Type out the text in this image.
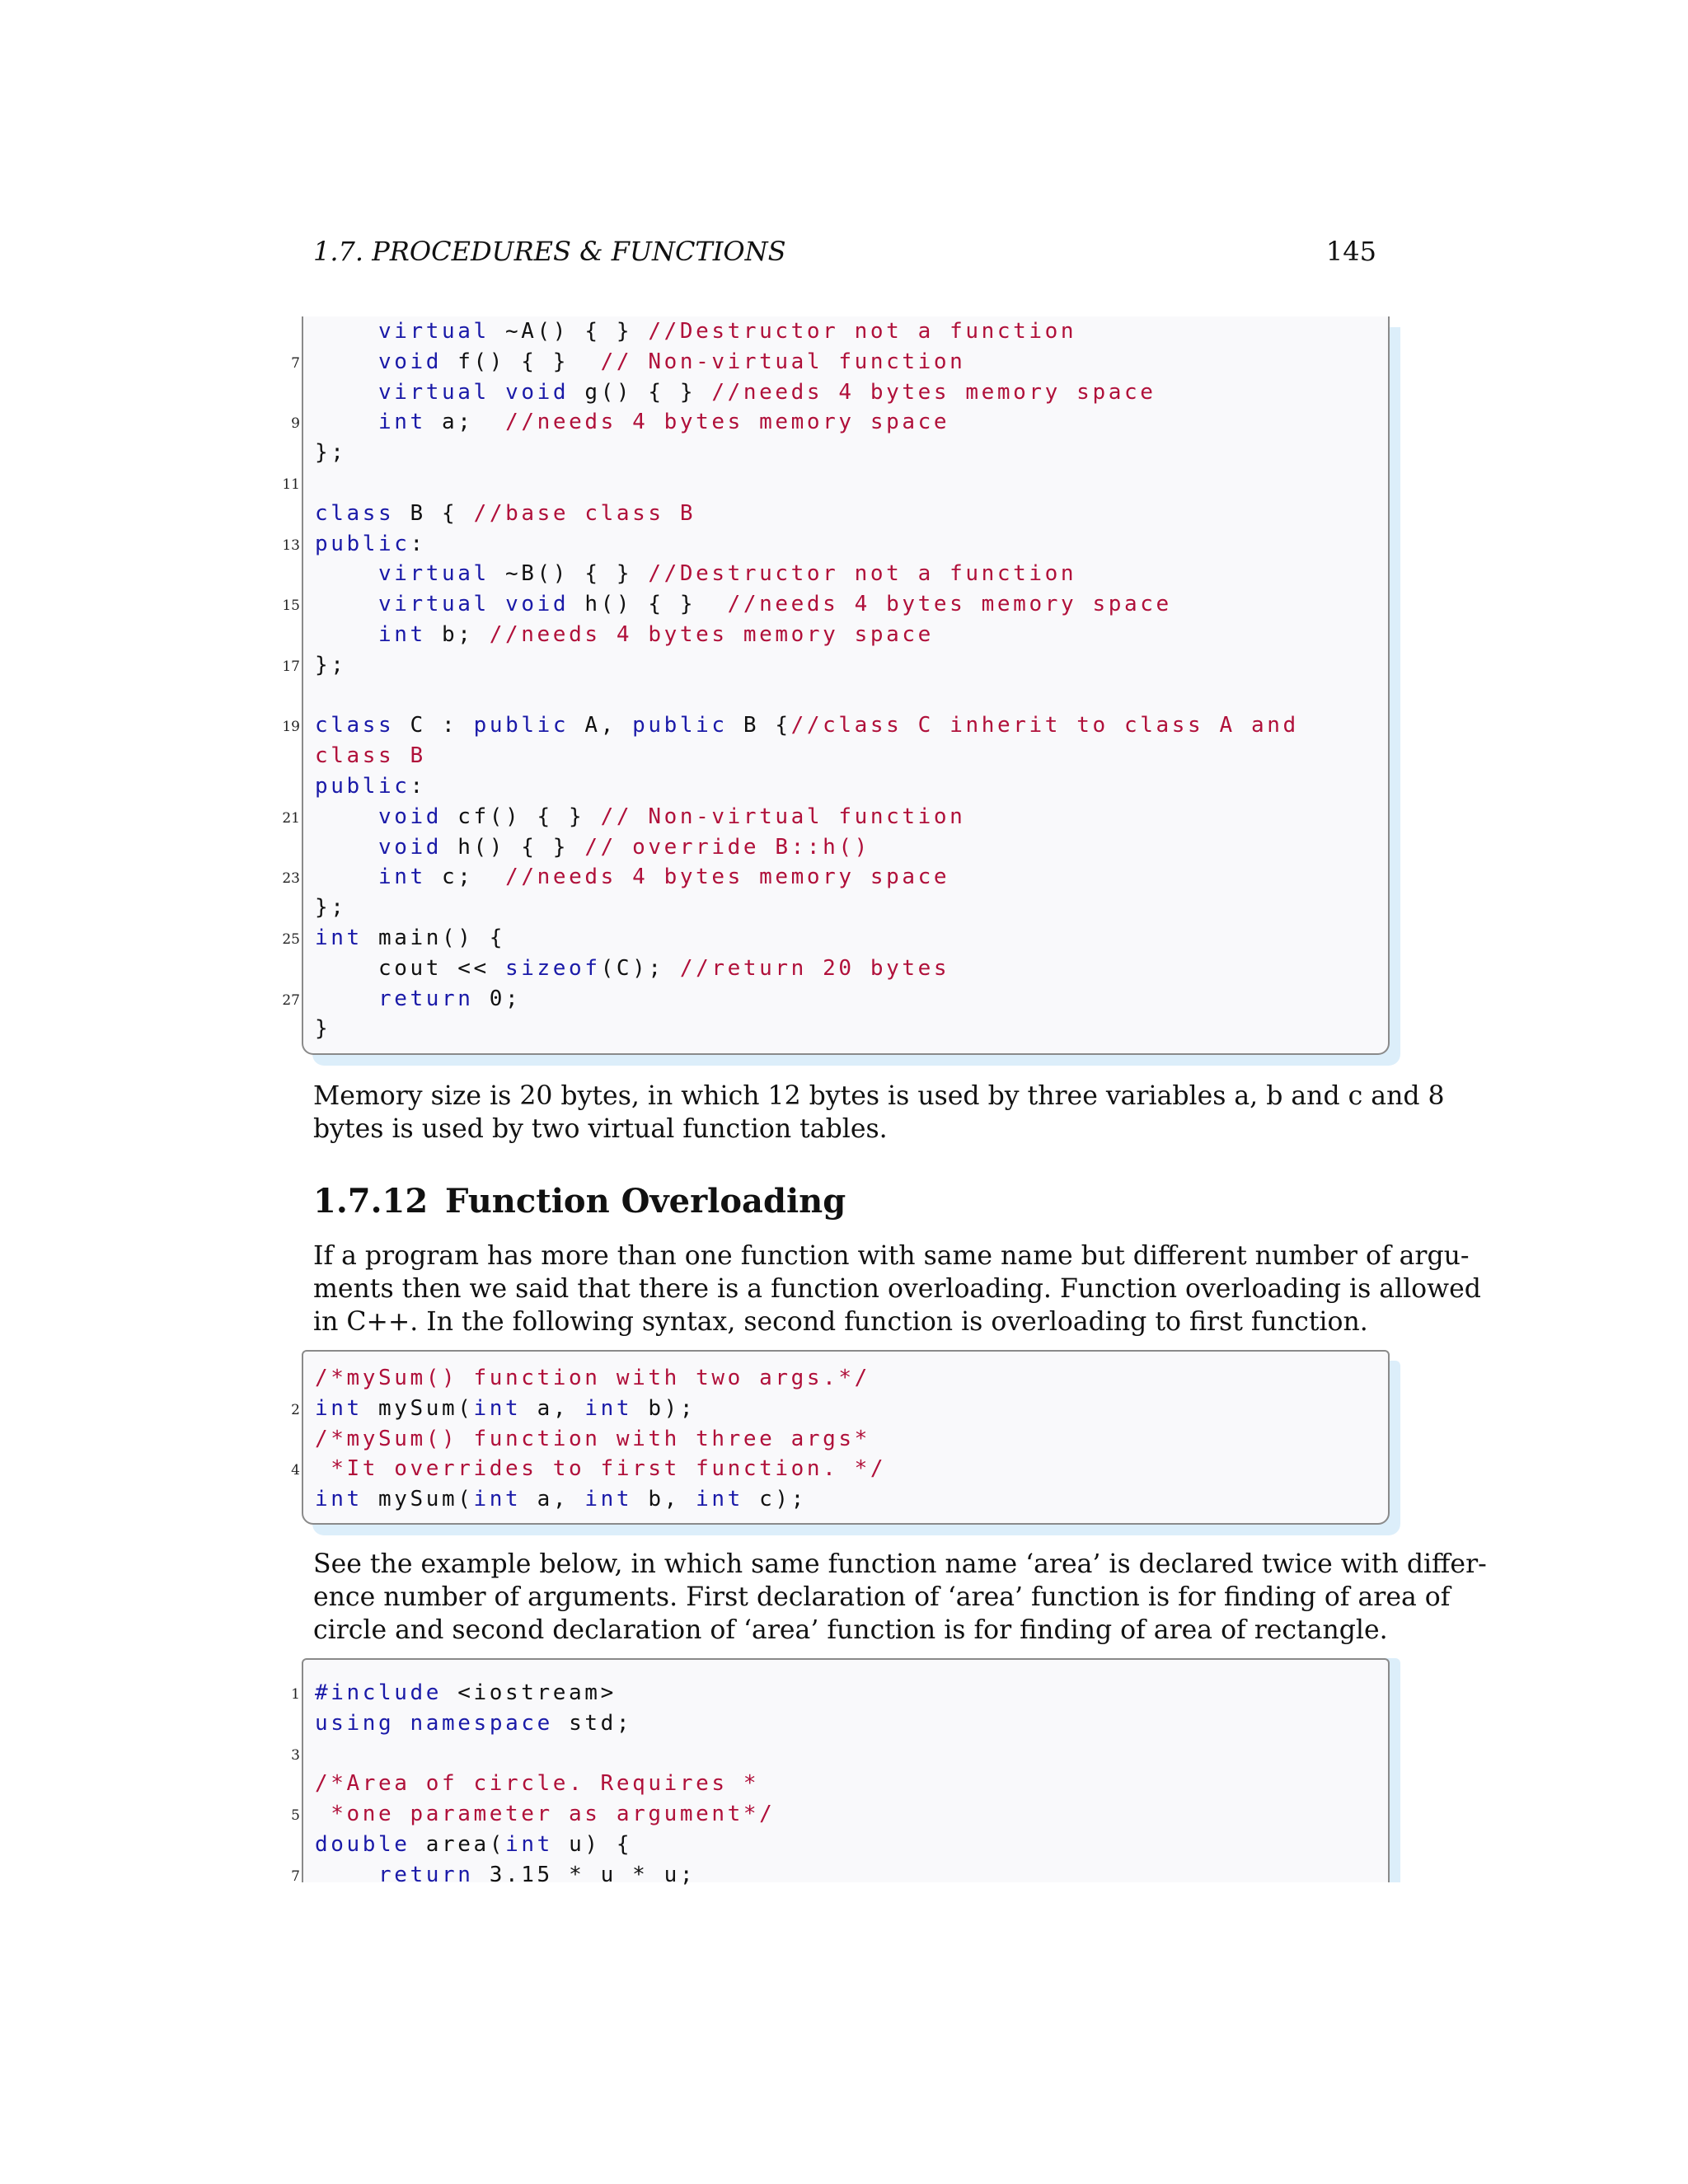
1.7. PROCEDURES & FUNCTIONS	145
virtual ~A() { } //Destructor not a function
void f() { }  // Non-virtual function
7
virtual void g() { } //needs 4 bytes memory space
int a;  //needs 4 bytes memory space
9
};
11
class B { //base class B
public:
13
virtual ~B() { } //Destructor not a function
virtual void h() { }  //needs 4 bytes memory space
15
int b; //needs 4 bytes memory space
};
17
class C : public A, public B {//class C inherit to class A and
19
class B
public:
void cf() { } // Non-virtual function
21
void h() { } // override B::h()
int c;  //needs 4 bytes memory space
23
};
int main() {
25
cout << sizeof(C); //return 20 bytes
return 0;
27
}
Memory size is 20 bytes, in which 12 bytes is used by three variables a, b and c and 8
bytes is used by two virtual function tables.
1.7.12 Function Overloading
If a program has more than one function with same name but different number of argu-
ments then we said that there is a function overloading. Function overloading is allowed
in C++. In the following syntax, second function is overloading to first function.
/*mySum() function with two args.*/
int mySum(int a, int b);
2
/*mySum() function with three args*
*It overrides to first function. */
4
int mySum(int a, int b, int c);
See the example below, in which same function name ‘area’ is declared twice with differ-
ence number of arguments. First declaration of ‘area’ function is for finding of area of
circle and second declaration of ‘area’ function is for finding of area of rectangle.
#include <iostream>
1
using namespace std;
3
/*Area of circle. Requires *
*one parameter as argument*/
5
double area(int u) {
return 3.15 * u * u;
7
